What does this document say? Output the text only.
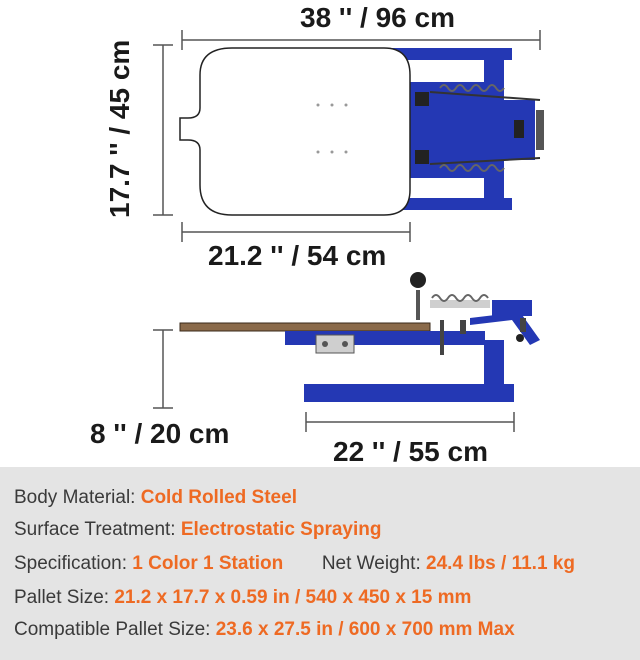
38 '' / 96 cm
17.7 '' / 45 cm
21.2 '' / 54 cm
8 '' / 20 cm
22 '' / 55 cm
Body Material: Cold Rolled Steel
Surface Treatment: Electrostatic Spraying
Specification: 1 Color 1 Station Net Weight: 24.4 lbs / 11.1 kg
Pallet Size: 21.2 x 17.7 x 0.59 in / 540 x 450 x 15 mm
Compatible Pallet Size: 23.6 x 27.5 in / 600 x 700 mm Max
